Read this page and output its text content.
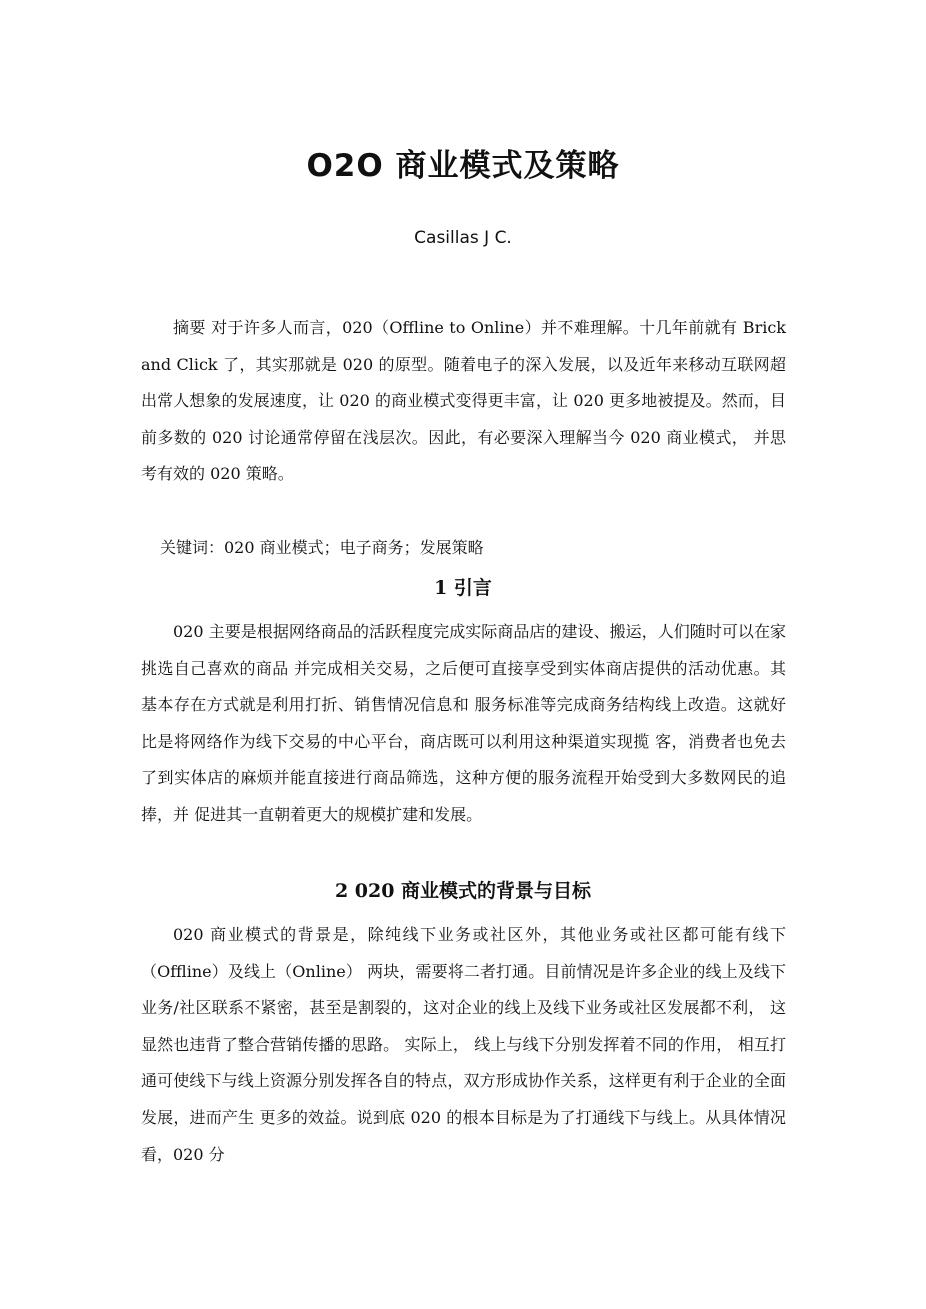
O2O 商业模式及策略
Casillas J C.

摘要 对于许多人而言，020（Offline to Online）并不难理解。十几年前就有 Brick and Click 了，其实那就是 020 的原型。随着电子的深入发展，以及近年来移动互联网超出常人想象的发展速度，让 020 的商业模式变得更丰富，让 020 更多地被提及。然而，目前多数的 020 讨论通常停留在浅层次。因此，有必要深入理解当今 020 商业模式， 并思考有效的 020 策略。

关键词：020 商业模式；电子商务；发展策略

1 引言

020 主要是根据网络商品的活跃程度完成实际商品店的建设、搬运，人们随时可以在家挑选自己喜欢的商品 并完成相关交易，之后便可直接享受到实体商店提供的活动优惠。其基本存在方式就是利用打折、销售情况信息和 服务标准等完成商务结构线上改造。这就好比是将网络作为线下交易的中心平台，商店既可以利用这种渠道实现揽 客，消费者也免去了到实体店的麻烦并能直接进行商品筛选，这种方便的服务流程开始受到大多数网民的追捧，并 促进其一直朝着更大的规模扩建和发展。

2 020 商业模式的背景与目标

020 商业模式的背景是，除纯线下业务或社区外，其他业务或社区都可能有线下（Offline）及线上（Online） 两块，需要将二者打通。目前情况是许多企业的线上及线下业务/社区联系不紧密，甚至是割裂的，这对企业的线上及线下业务或社区发展都不利， 这显然也违背了整合营销传播的思路。 实际上， 线上与线下分别发挥着不同的作用， 相互打通可使线下与线上资源分别发挥各自的特点，双方形成协作关系，这样更有利于企业的全面发展，进而产生 更多的效益。说到底 020 的根本目标是为了打通线下与线上。从具体情况看，020 分
